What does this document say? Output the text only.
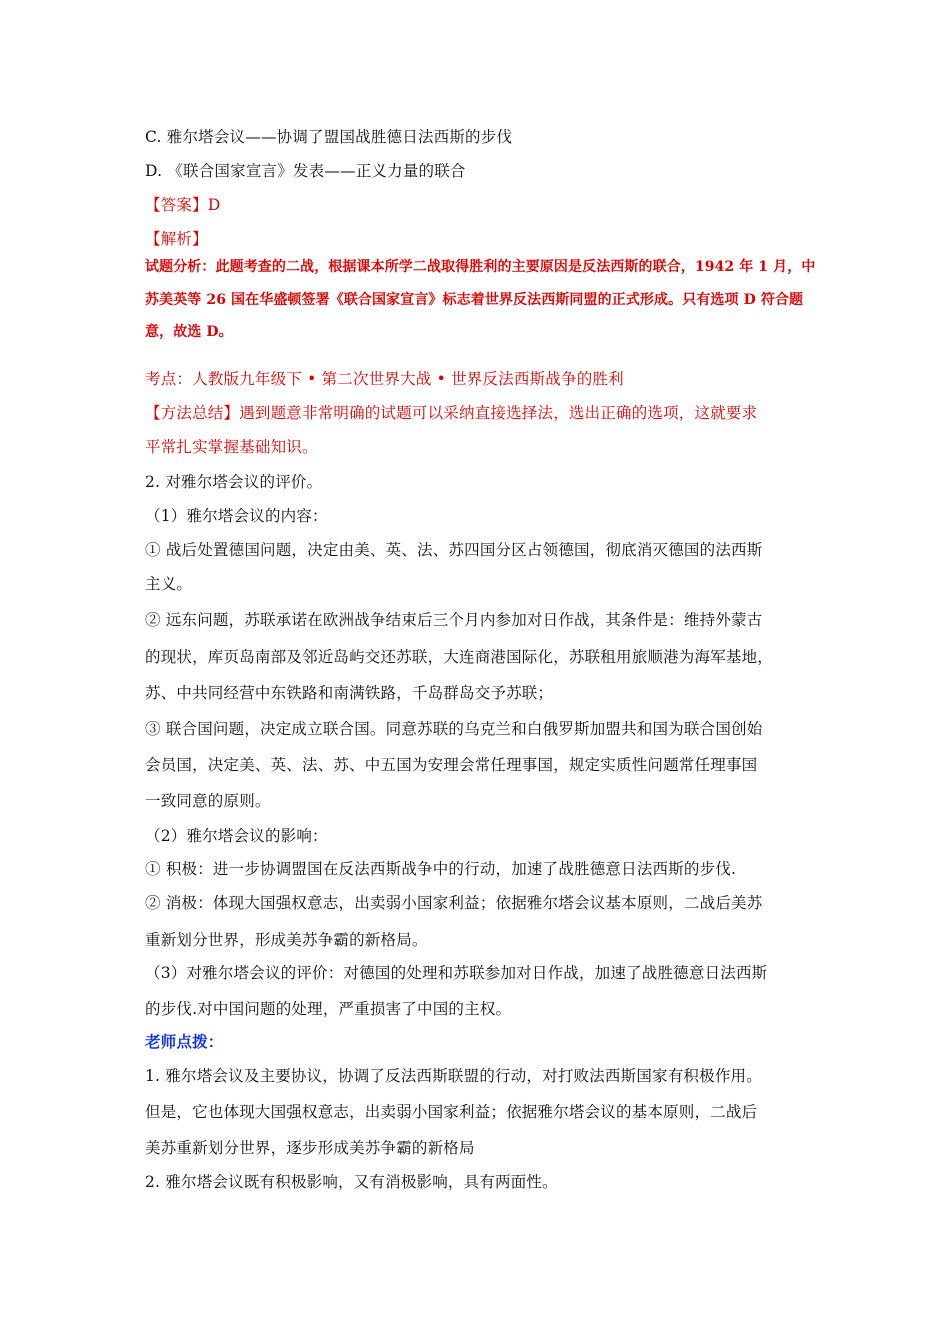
C. 雅尔塔会议——协调了盟国战胜德日法西斯的步伐
D. 《联合国家宣言》发表——正义力量的联合
【答案】D
【解析】
试题分析：此题考查的二战，根据课本所学二战取得胜利的主要原因是反法西斯的联合，1942 年 1 月，中
苏美英等 26 国在华盛顿签署《联合国家宣言》标志着世界反法西斯同盟的正式形成。只有选项 D 符合题
意，故选 D。
考点：人教版九年级下 • 第二次世界大战 • 世界反法西斯战争的胜利
【方法总结】遇到题意非常明确的试题可以采纳直接选择法，选出正确的选项，这就要求
平常扎实掌握基础知识。
2. 对雅尔塔会议的评价。
（1）雅尔塔会议的内容：
① 战后处置德国问题，决定由美、英、法、苏四国分区占领德国，彻底消灭德国的法西斯
主义。
② 远东问题，苏联承诺在欧洲战争结束后三个月内参加对日作战，其条件是：维持外蒙古
的现状，库页岛南部及邻近岛屿交还苏联，大连商港国际化，苏联租用旅顺港为海军基地，
苏、中共同经营中东铁路和南满铁路，千岛群岛交予苏联；
③ 联合国问题，决定成立联合国。同意苏联的乌克兰和白俄罗斯加盟共和国为联合国创始
会员国，决定美、英、法、苏、中五国为安理会常任理事国，规定实质性问题常任理事国
一致同意的原则。
（2）雅尔塔会议的影响：
① 积极：进一步协调盟国在反法西斯战争中的行动，加速了战胜德意日法西斯的步伐.
② 消极：体现大国强权意志，出卖弱小国家利益；依据雅尔塔会议基本原则，二战后美苏
重新划分世界，形成美苏争霸的新格局。
（3）对雅尔塔会议的评价：对德国的处理和苏联参加对日作战，加速了战胜德意日法西斯
的步伐.对中国问题的处理，严重损害了中国的主权。
老师点拨：
1. 雅尔塔会议及主要协议，协调了反法西斯联盟的行动，对打败法西斯国家有积极作用。
但是，它也体现大国强权意志，出卖弱小国家利益；依据雅尔塔会议的基本原则，二战后
美苏重新划分世界，逐步形成美苏争霸的新格局
2. 雅尔塔会议既有积极影响，又有消极影响，具有两面性。
